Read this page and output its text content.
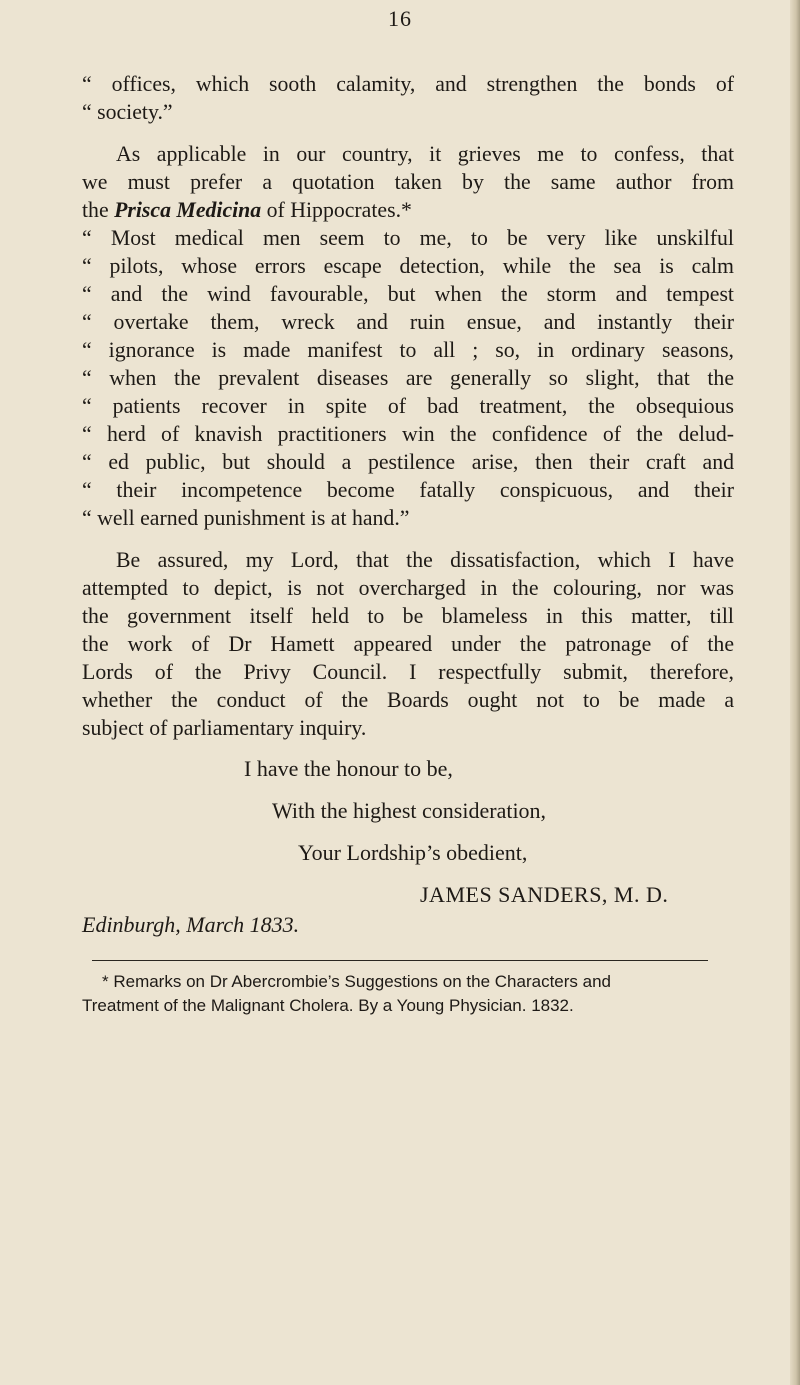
16
“ offices, which sooth calamity, and strengthen the bonds of
“ society.”
As applicable in our country, it grieves me to confess, that
we must prefer a quotation taken by the same author from
the Prisca Medicina of Hippocrates.*
“ Most medical men seem to me, to be very like unskilful
“ pilots, whose errors escape detection, while the sea is calm
“ and the wind favourable, but when the storm and tempest
“ overtake them, wreck and ruin ensue, and instantly their
“ ignorance is made manifest to all ; so, in ordinary seasons,
“ when the prevalent diseases are generally so slight, that the
“ patients recover in spite of bad treatment, the obsequious
“ herd of knavish practitioners win the confidence of the delud-
“ ed public, but should a pestilence arise, then their craft and
“ their incompetence become fatally conspicuous, and their
“ well earned punishment is at hand.”
Be assured, my Lord, that the dissatisfaction, which I have
attempted to depict, is not overcharged in the colouring, nor was
the government itself held to be blameless in this matter, till
the work of Dr Hamett appeared under the patronage of the
Lords of the Privy Council. I respectfully submit, therefore,
whether the conduct of the Boards ought not to be made a
subject of parliamentary inquiry.
I have the honour to be,
With the highest consideration,
Your Lordship’s obedient,
JAMES SANDERS, M. D.
Edinburgh, March 1833.
* Remarks on Dr Abercrombie’s Suggestions on the Characters and
Treatment of the Malignant Cholera. By a Young Physician. 1832.
